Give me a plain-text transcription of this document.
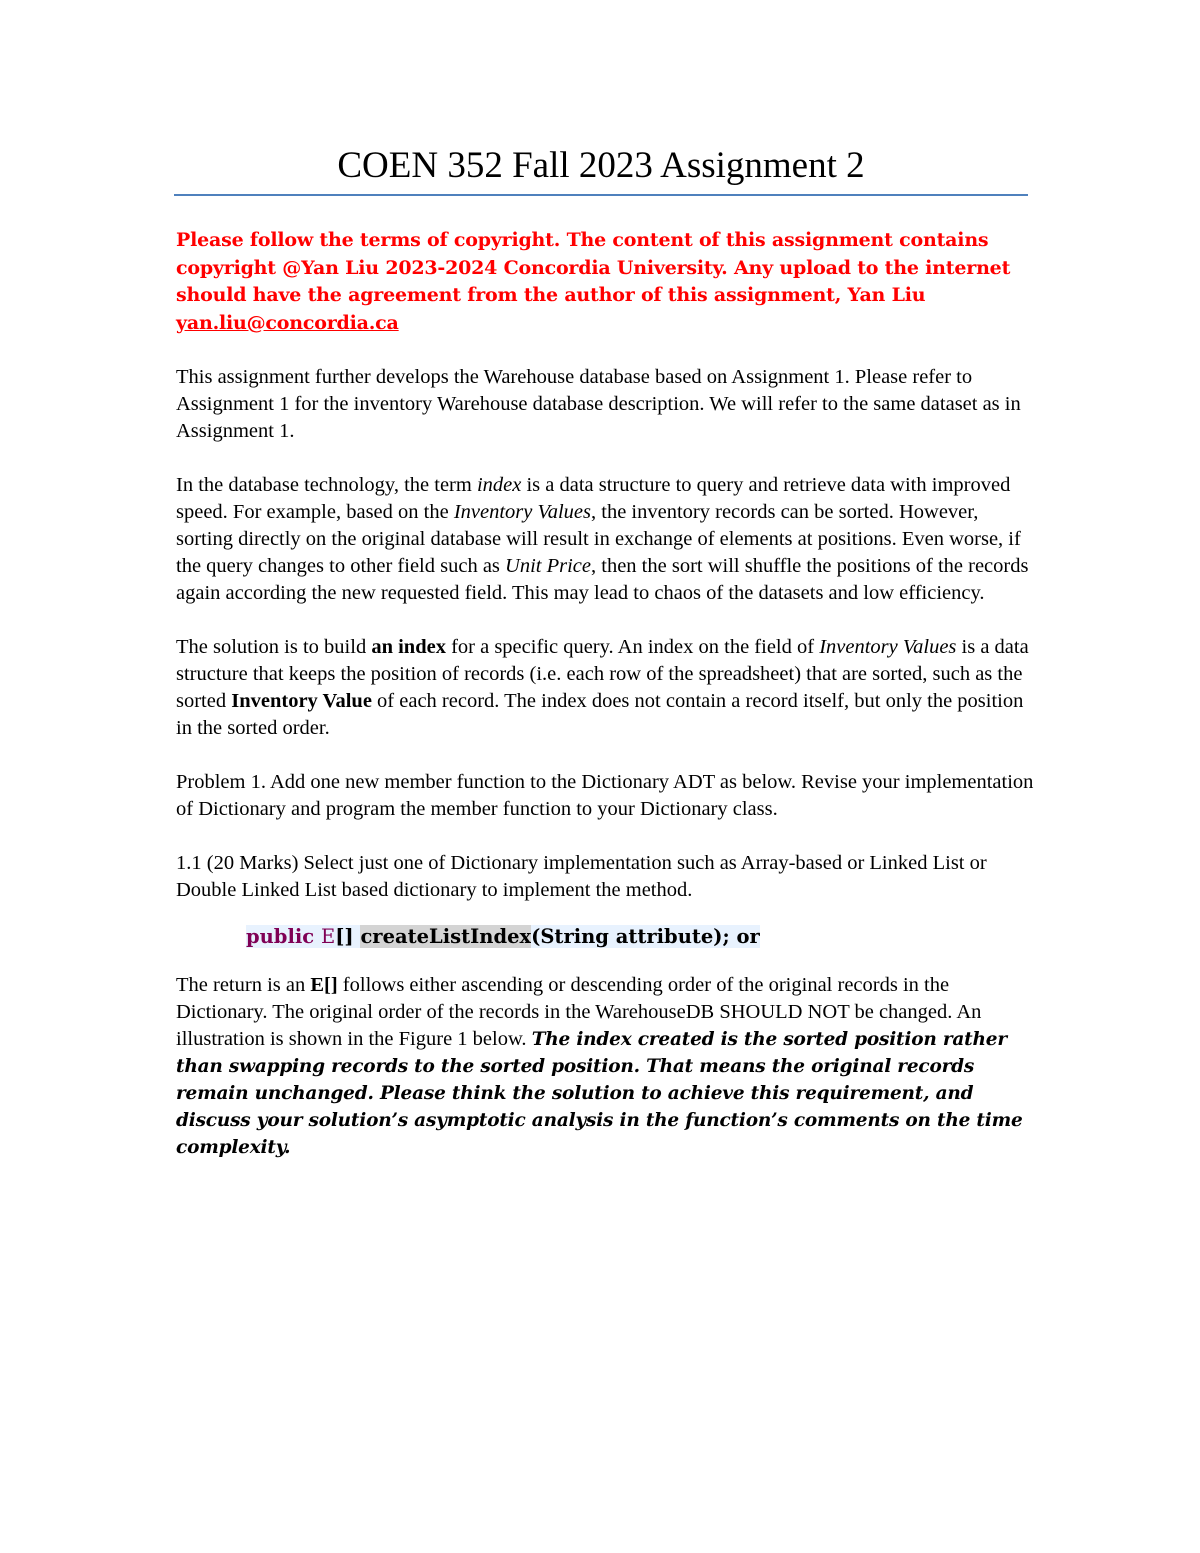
COEN 352 Fall 2023 Assignment 2

Please follow the terms of copyright. The content of this assignment contains copyright @Yan Liu 2023-2024 Concordia University. Any upload to the internet should have the agreement from the author of this assignment, Yan Liu yan.liu@concordia.ca

This assignment further develops the Warehouse database based on Assignment 1. Please refer to Assignment 1 for the inventory Warehouse database description. We will refer to the same dataset as in Assignment 1.

In the database technology, the term index is a data structure to query and retrieve data with improved speed. For example, based on the Inventory Values, the inventory records can be sorted. However, sorting directly on the original database will result in exchange of elements at positions. Even worse, if the query changes to other field such as Unit Price, then the sort will shuffle the positions of the records again according the new requested field. This may lead to chaos of the datasets and low efficiency.

The solution is to build an index for a specific query. An index on the field of Inventory Values is a data structure that keeps the position of records (i.e. each row of the spreadsheet) that are sorted, such as the sorted Inventory Value of each record. The index does not contain a record itself, but only the position in the sorted order.

Problem 1. Add one new member function to the Dictionary ADT as below. Revise your implementation of Dictionary and program the member function to your Dictionary class.

1.1 (20 Marks) Select just one of Dictionary implementation such as Array-based or Linked List or Double Linked List based dictionary to implement the method.

public E[] createListIndex(String attribute); or

The return is an E[] follows either ascending or descending order of the original records in the Dictionary. The original order of the records in the WarehouseDB SHOULD NOT be changed. An illustration is shown in the Figure 1 below. The index created is the sorted position rather than swapping records to the sorted position. That means the original records remain unchanged. Please think the solution to achieve this requirement, and discuss your solution’s asymptotic analysis in the function’s comments on the time complexity.
